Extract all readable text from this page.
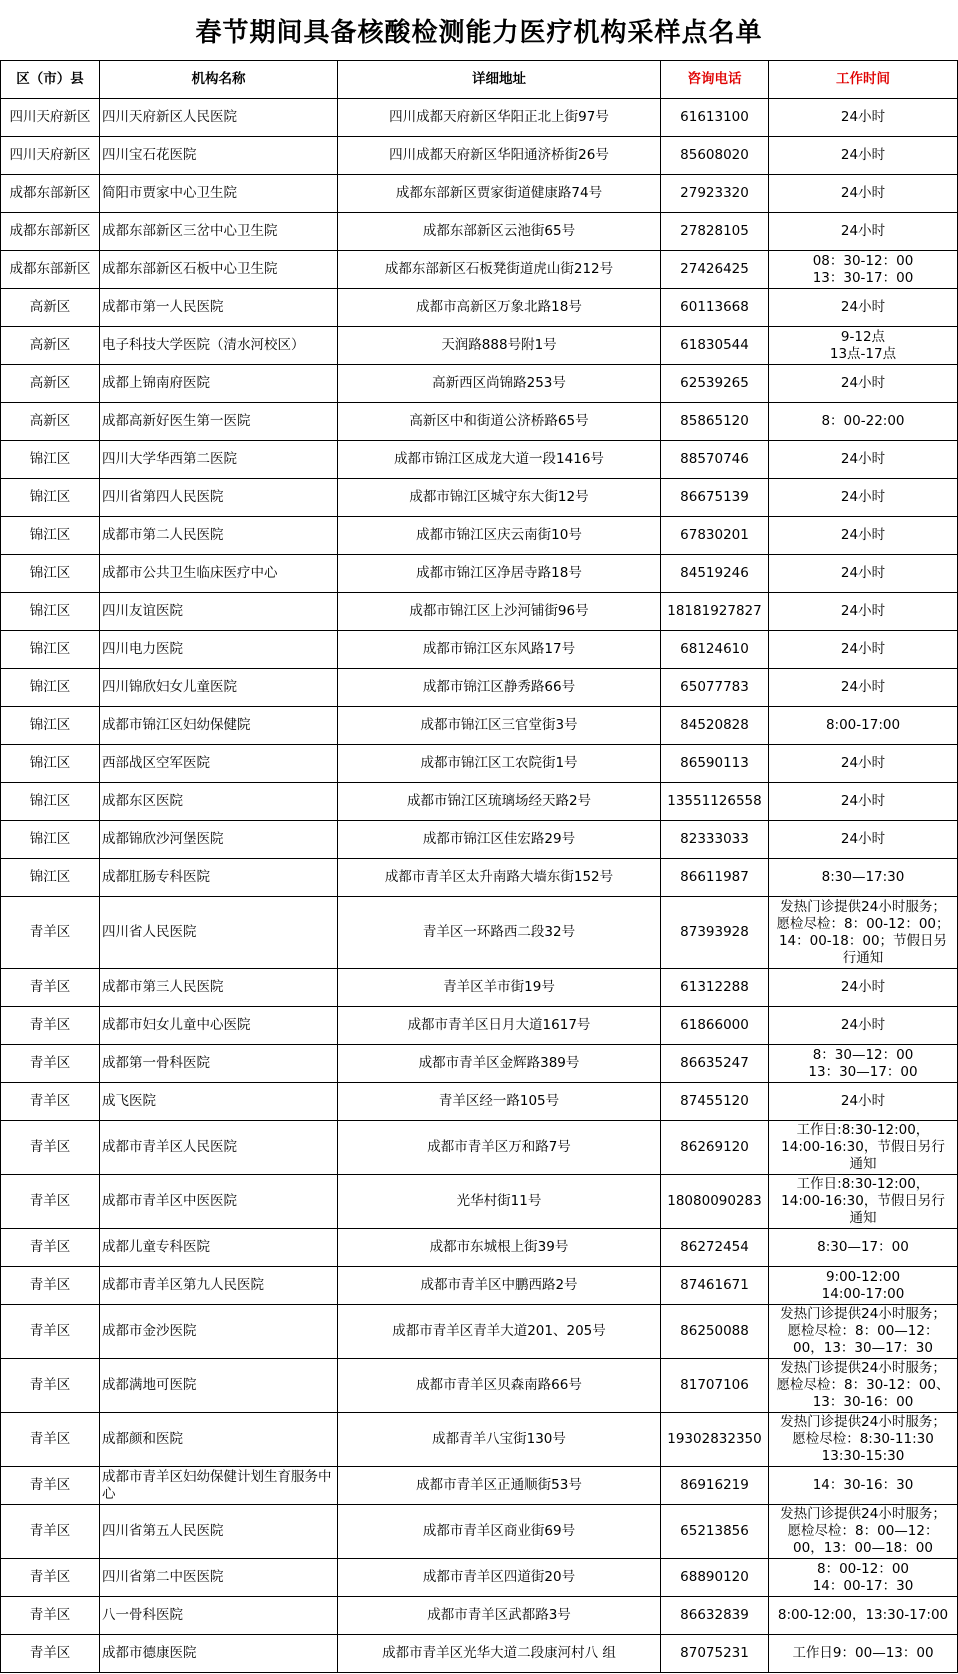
春节期间具备核酸检测能力医疗机构采样点名单
区（市）县	机构名称	详细地址	咨询电话	工作时间
四川天府新区	四川天府新区人民医院	四川成都天府新区华阳正北上街97号	61613100	24小时
四川天府新区	四川宝石花医院	四川成都天府新区华阳通济桥街26号	85608020	24小时
成都东部新区	简阳市贾家中心卫生院	成都东部新区贾家街道健康路74号	27923320	24小时
成都东部新区	成都东部新区三岔中心卫生院	成都东部新区云池街65号	27828105	24小时
成都东部新区	成都东部新区石板中心卫生院	成都东部新区石板凳街道虎山街212号	27426425	08：30-12：00
13：30-17：00
高新区	成都市第一人民医院	成都市高新区万象北路18号	60113668	24小时
高新区	电子科技大学医院（清水河校区）	天润路888号附1号	61830544	9-12点
13点-17点
高新区	成都上锦南府医院	高新西区尚锦路253号	62539265	24小时
高新区	成都高新好医生第一医院	高新区中和街道公济桥路65号	85865120	8：00-22:00
锦江区	四川大学华西第二医院	成都市锦江区成龙大道一段1416号	88570746	24小时
锦江区	四川省第四人民医院	成都市锦江区城守东大街12号	86675139	24小时
锦江区	成都市第二人民医院	成都市锦江区庆云南街10号	67830201	24小时
锦江区	成都市公共卫生临床医疗中心	成都市锦江区净居寺路18号	84519246	24小时
锦江区	四川友谊医院	成都市锦江区上沙河铺街96号	18181927827	24小时
锦江区	四川电力医院	成都市锦江区东风路17号	68124610	24小时
锦江区	四川锦欣妇女儿童医院	成都市锦江区静秀路66号	65077783	24小时
锦江区	成都市锦江区妇幼保健院	成都市锦江区三官堂街3号	84520828	8:00-17:00
锦江区	西部战区空军医院	成都市锦江区工农院街1号	86590113	24小时
锦江区	成都东区医院	成都市锦江区琉璃场经天路2号	13551126558	24小时
锦江区	成都锦欣沙河堡医院	成都市锦江区佳宏路29号	82333033	24小时
锦江区	成都肛肠专科医院	成都市青羊区太升南路大墙东街152号	86611987	8:30—17:30
青羊区	四川省人民医院	青羊区一环路西二段32号	87393928	发热门诊提供24小时服务；
愿检尽检：8：00-12：00；
14：00-18：00；节假日另
行通知
青羊区	成都市第三人民医院	青羊区羊市街19号	61312288	24小时
青羊区	成都市妇女儿童中心医院	成都市青羊区日月大道1617号	61866000	24小时
青羊区	成都第一骨科医院	成都市青羊区金辉路389号	86635247	8：30—12：00
13：30—17：00
青羊区	成飞医院	青羊区经一路105号	87455120	24小时
青羊区	成都市青羊区人民医院	成都市青羊区万和路7号	86269120	工作日:8:30-12:00，
14:00-16:30，节假日另行
通知
青羊区	成都市青羊区中医医院	光华村街11号	18080090283	工作日:8:30-12:00，
14:00-16:30，节假日另行
通知
青羊区	成都儿童专科医院	成都市东城根上街39号	86272454	8:30—17：00
青羊区	成都市青羊区第九人民医院	成都市青羊区中鹏西路2号	87461671	9:00-12:00
14:00-17:00
青羊区	成都市金沙医院	成都市青羊区青羊大道201、205号	86250088	发热门诊提供24小时服务；
愿检尽检：8：00—12：
00，13：30—17：30
青羊区	成都满地可医院	成都市青羊区贝森南路66号	81707106	发热门诊提供24小时服务；
愿检尽检：8：30-12：00、
13：30-16：00
青羊区	成都颜和医院	成都青羊八宝街130号	19302832350	发热门诊提供24小时服务；
愿检尽检：8:30-11:30
13:30-15:30
青羊区	成都市青羊区妇幼保健计划生育服务中心	成都市青羊区正通顺街53号	86916219	14：30-16：30
青羊区	四川省第五人民医院	成都市青羊区商业街69号	65213856	发热门诊提供24小时服务；
愿检尽检：8：00—12：
00，13：00—18：00
青羊区	四川省第二中医医院	成都市青羊区四道街20号	68890120	8：00-12：00
14：00-17：30
青羊区	八一骨科医院	成都市青羊区武都路3号	86632839	8:00-12:00，13:30-17:00
青羊区	成都市德康医院	成都市青羊区光华大道二段康河村八 组	87075231	工作日9：00—13：00
